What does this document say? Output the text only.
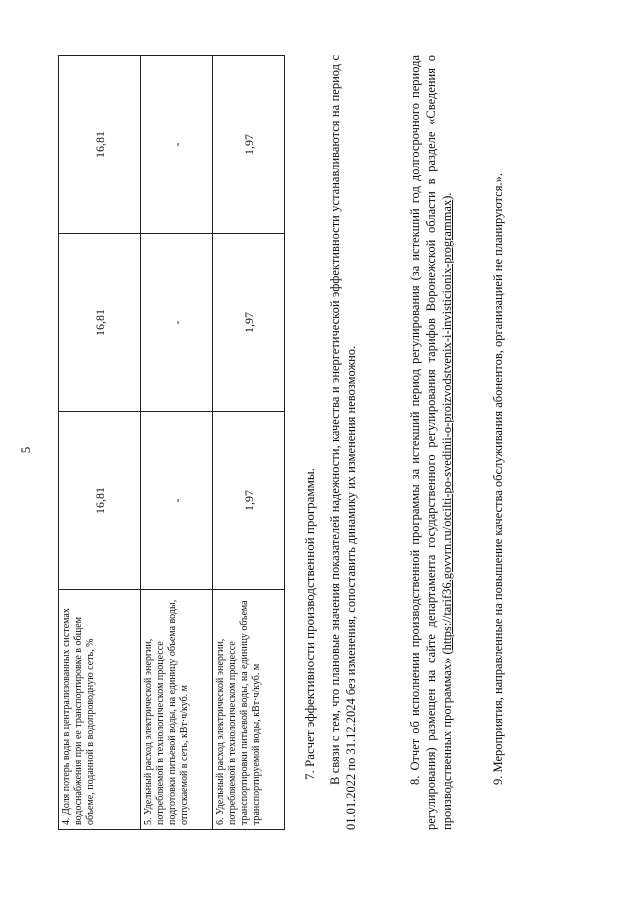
5
4. Доля потерь воды в централизованных системах водоснабжения при ее транспортировке в общем объеме, поданной в водопроводную сеть, %	16,81	16,81	16,81
5. Удельный расход электрической энергии, потребляемой в технологическом процессе подготовки питьевой воды, на единицу объема воды, отпускаемой в сеть, кВт·ч/куб. м	-	-	-
6. Удельный расход электрической энергии, потребляемой в технологическом процессе транспортировки питьевой воды, на единицу объема транспортируемой воды, кВт·ч/куб. м	1,97	1,97	1,97
7. Расчет эффективности производственной программы. В связи с тем, что плановые значения показателей надежности, качества и энергетической эффективности устанавливаются на период с 01.01.2022 по 31.12.2024 без изменения, сопоставить динамику их изменения невозможно.	8. Отчет об исполнении производственной программы за истекший период регулирования (за истекший год долгосрочного периода регулирования) размещен на сайте департамента государственного регулирования тарифов Воронежской области в разделе «Сведения о производственных программах» (https://tarif36.govvrn.ru/otcilti-po-svedinii-o-proizvodstvenix-i-invisticionix-programmax).	9. Мероприятия, направленные на повышение качества обслуживания абонентов, организацией не планируются.».
